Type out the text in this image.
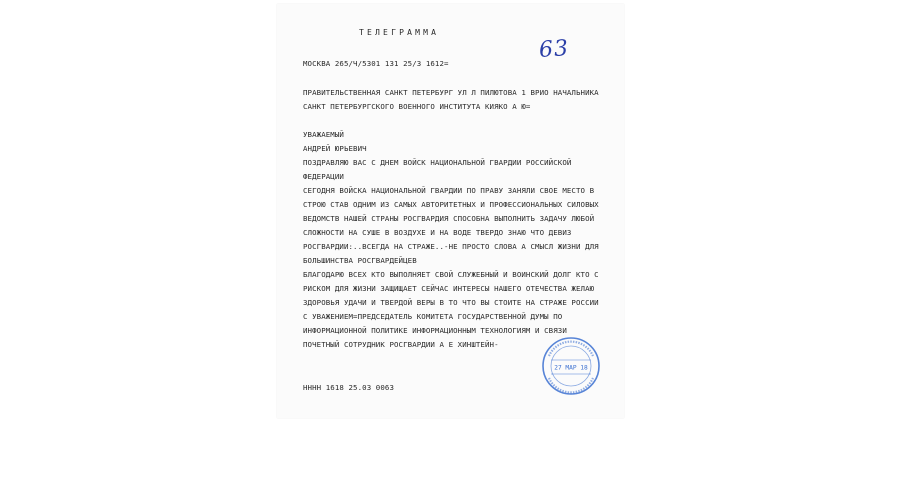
ТЕЛЕГРАММА
63
МОСКВА 265/Ч/5301 131 25/3 1612=
ПРАВИТЕЛЬСТВЕННАЯ САНКТ ПЕТЕРБУРГ УЛ Л ПИЛЮТОВА 1 ВРИО НАЧАЛЬНИКА
САНКТ ПЕТЕРБУРГСКОГО ВОЕННОГО ИНСТИТУТА КИЯКО А Ю=
УВАЖАЕМЫЙ
АНДРЕЙ ЮРЬЕВИЧ
ПОЗДРАВЛЯЮ ВАС С ДНЕМ ВОЙСК НАЦИОНАЛЬНОЙ ГВАРДИИ РОССИЙСКОЙ
ФЕДЕРАЦИИ
СЕГОДНЯ ВОЙСКА НАЦИОНАЛЬНОЙ ГВАРДИИ ПО ПРАВУ ЗАНЯЛИ СВОЕ МЕСТО В
СТРОЮ СТАВ ОДНИМ ИЗ САМЫХ АВТОРИТЕТНЫХ И ПРОФЕССИОНАЛЬНЫХ СИЛОВЫХ
ВЕДОМСТВ НАШЕЙ СТРАНЫ РОСГВАРДИЯ СПОСОБНА ВЫПОЛНИТЬ ЗАДАЧУ ЛЮБОЙ
СЛОЖНОСТИ НА СУШЕ В ВОЗДУХЕ И НА ВОДЕ ТВЕРДО ЗНАЮ ЧТО ДЕВИЗ
РОСГВАРДИИ:..ВСЕГДА НА СТРАЖЕ..-НЕ ПРОСТО СЛОВА А СМЫСЛ ЖИЗНИ ДЛЯ
БОЛЬШИНСТВА РОСГВАРДЕЙЦЕВ
БЛАГОДАРЮ ВСЕХ КТО ВЫПОЛНЯЕТ СВОЙ СЛУЖЕБНЫЙ И ВОИНСКИЙ ДОЛГ КТО С
РИСКОМ ДЛЯ ЖИЗНИ ЗАЩИЩАЕТ СЕЙЧАС ИНТЕРЕСЫ НАШЕГО ОТЕЧЕСТВА ЖЕЛАЮ
ЗДОРОВЬЯ УДАЧИ И ТВЕРДОЙ ВЕРЫ В ТО ЧТО ВЫ СТОИТЕ НА СТРАЖЕ РОССИИ
С УВАЖЕНИЕМ=ПРЕДСЕДАТЕЛЬ КОМИТЕТА ГОСУДАРСТВЕННОЙ ДУМЫ ПО
ИНФОРМАЦИОННОЙ ПОЛИТИКЕ ИНФОРМАЦИОННЫМ ТЕХНОЛОГИЯМ И СВЯЗИ
ПОЧЕТНЫЙ СОТРУДНИК РОСГВАРДИИ А Е ХИНШТЕЙН-
НННН 1618 25.03 0063
27 МАР 18
